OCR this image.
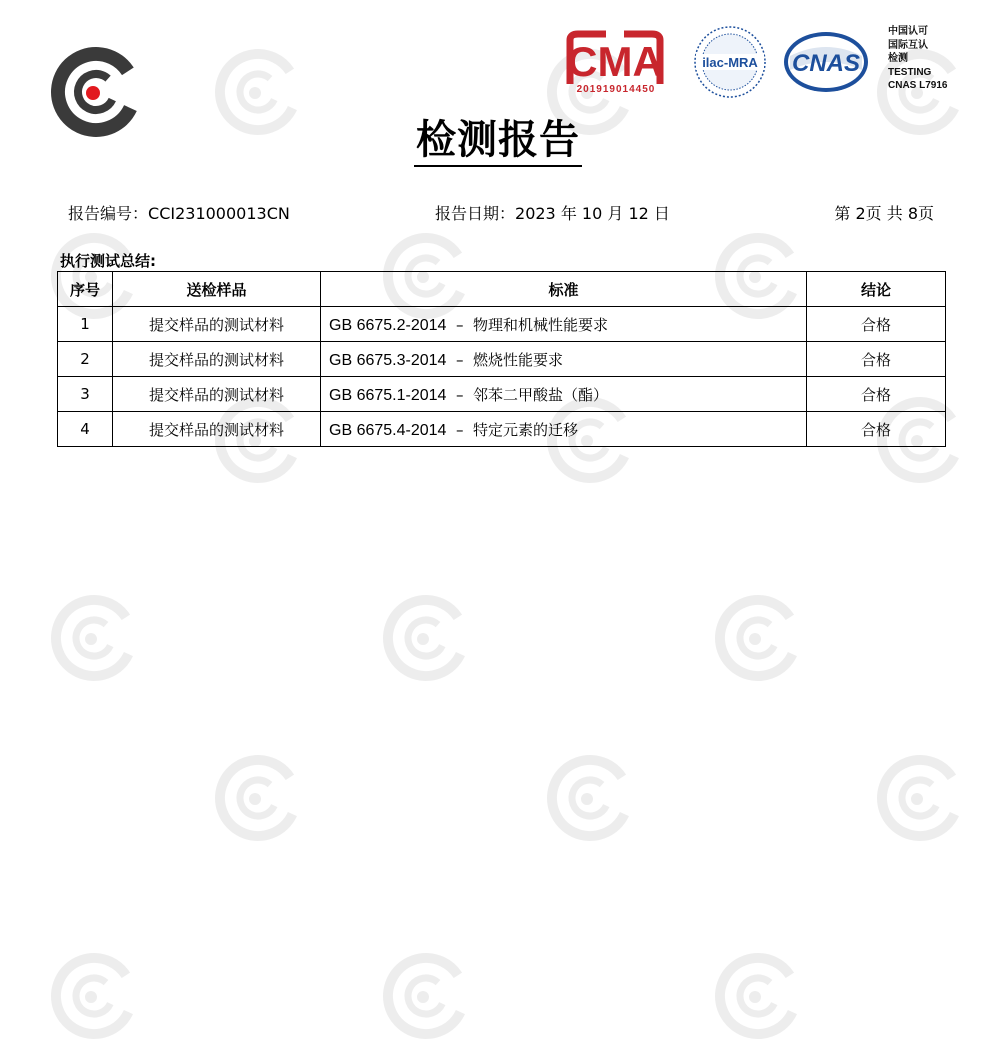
CMA
201919014450
ilac-MRA CNAS
中国认可
国际互认
检测
TESTING
CNAS L7916
检测报告
报告编号：CCI231000013CN	报告日期：2023 年 10 月 12 日	第 2页 共 8页
执行测试总结:
序号	送检样品	标准	结论
1	提交样品的测试材料	GB 6675.2-2014  –  物理和机械性能要求	合格
2	提交样品的测试材料	GB 6675.3-2014  –  燃烧性能要求	合格
3	提交样品的测试材料	GB 6675.1-2014  –  邻苯二甲酸盐（酯）	合格
4	提交样品的测试材料	GB 6675.4-2014  –  特定元素的迁移	合格
